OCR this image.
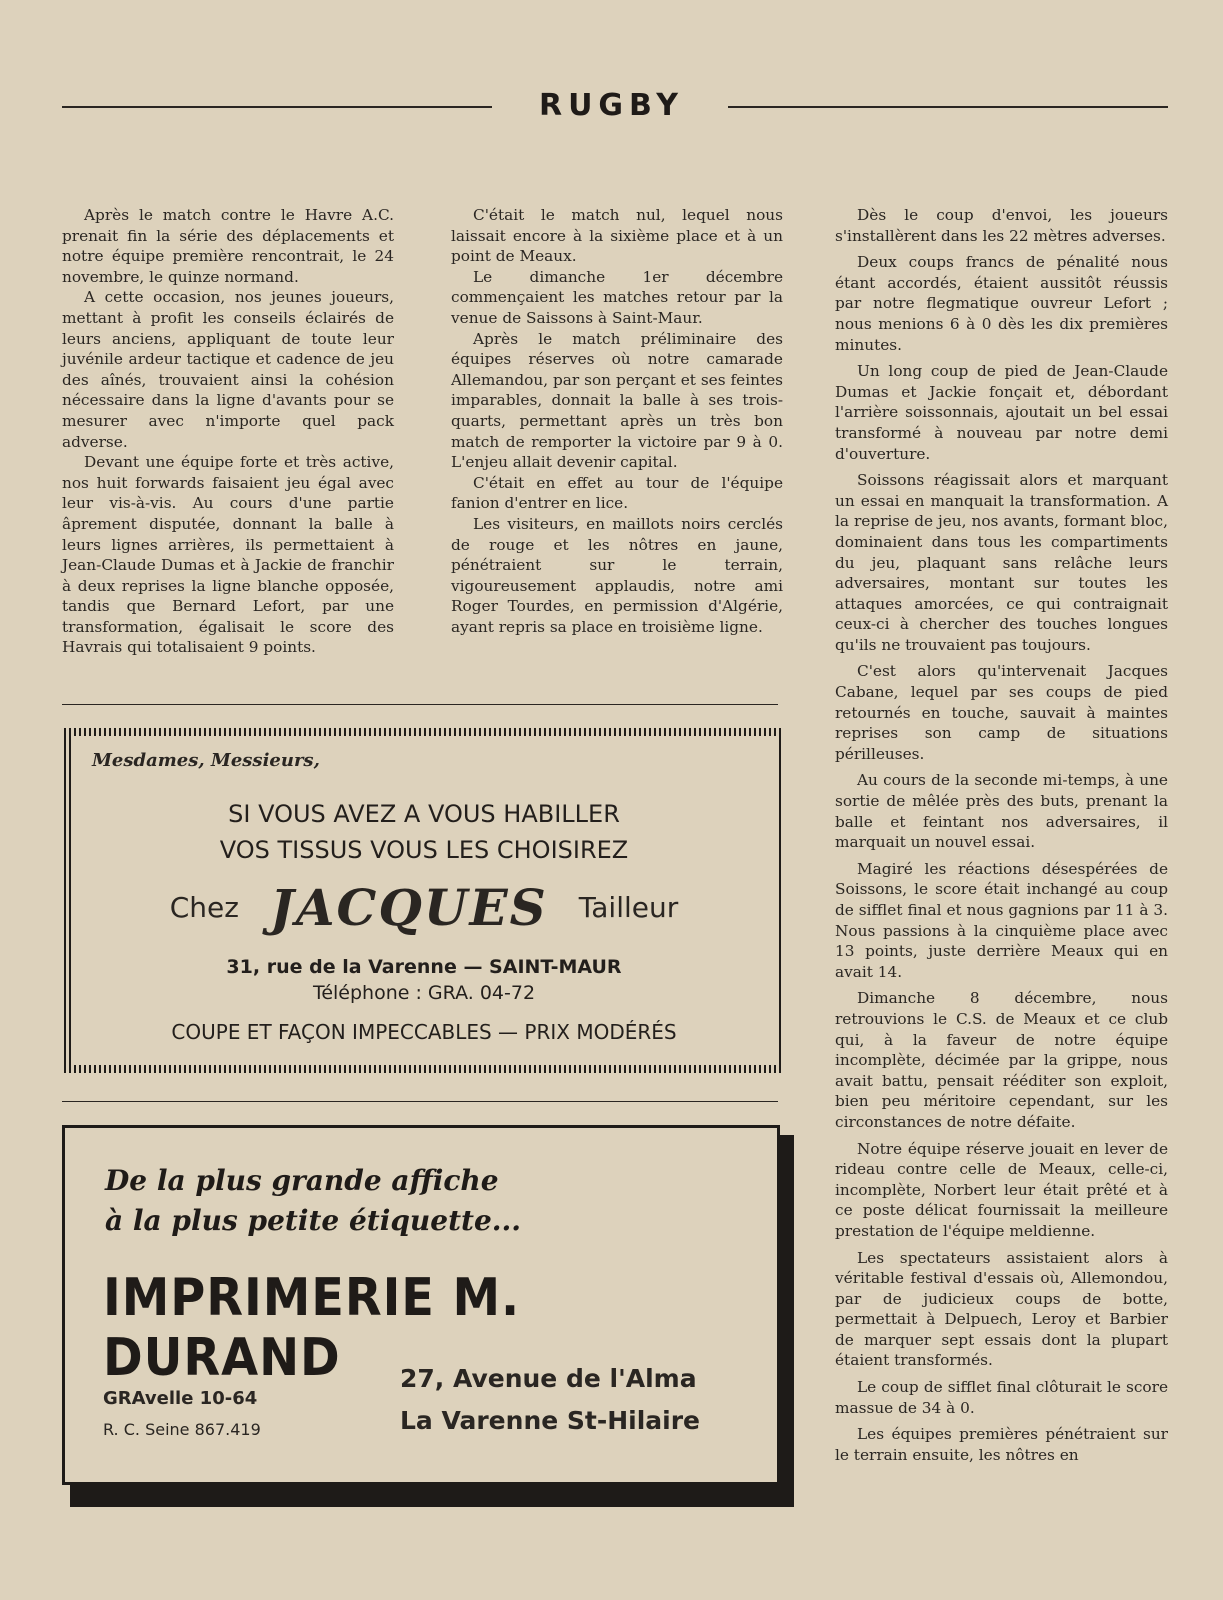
RUGBY

Après le match contre le Havre A.C. prenait fin la série des déplacements et notre équipe première rencontrait, le 24 novembre, le quinze normand.

A cette occasion, nos jeunes joueurs, mettant à profit les conseils éclairés de leurs anciens, appliquant de toute leur juvénile ardeur tactique et cadence de jeu des aînés, trouvaient ainsi la cohésion nécessaire dans la ligne d'avants pour se mesurer avec n'importe quel pack adverse.

Devant une équipe forte et très active, nos huit forwards faisaient jeu égal avec leur vis-à-vis. Au cours d'une partie âprement disputée, donnant la balle à leurs lignes arrières, ils permettaient à Jean-Claude Dumas et à Jackie de franchir à deux reprises la ligne blanche opposée, tandis que Bernard Lefort, par une transformation, égalisait le score des Havrais qui totalisaient 9 points.

C'était le match nul, lequel nous laissait encore à la sixième place et à un point de Meaux.

Le dimanche 1er décembre commençaient les matches retour par la venue de Saissons à Saint-Maur.

Après le match préliminaire des équipes réserves où notre camarade Allemandou, par son perçant et ses feintes imparables, donnait la balle à ses trois-quarts, permettant après un très bon match de remporter la victoire par 9 à 0. L'enjeu allait devenir capital.

C'était en effet au tour de l'équipe fanion d'entrer en lice.

Les visiteurs, en maillots noirs cerclés de rouge et les nôtres en jaune, pénétraient sur le terrain, vigoureusement applaudis, notre ami Roger Tourdes, en permission d'Algérie, ayant repris sa place en troisième ligne.

Dès le coup d'envoi, les joueurs s'installèrent dans les 22 mètres adverses.

Deux coups francs de pénalité nous étant accordés, étaient aussitôt réussis par notre flegmatique ouvreur Lefort ; nous menions 6 à 0 dès les dix premières minutes.

Un long coup de pied de Jean-Claude Dumas et Jackie fonçait et, débordant l'arrière soissonnais, ajoutait un bel essai transformé à nouveau par notre demi d'ouverture.

Soissons réagissait alors et marquant un essai en manquait la transformation. A la reprise de jeu, nos avants, formant bloc, dominaient dans tous les compartiments du jeu, plaquant sans relâche leurs adversaires, montant sur toutes les attaques amorcées, ce qui contraignait ceux-ci à chercher des touches longues qu'ils ne trouvaient pas toujours.

C'est alors qu'intervenait Jacques Cabane, lequel par ses coups de pied retournés en touche, sauvait à maintes reprises son camp de situations périlleuses.

Au cours de la seconde mi-temps, à une sortie de mêlée près des buts, prenant la balle et feintant nos adversaires, il marquait un nouvel essai.

Magiré les réactions désespérées de Soissons, le score était inchangé au coup de sifflet final et nous gagnions par 11 à 3. Nous passions à la cinquième place avec 13 points, juste derrière Meaux qui en avait 14.

Dimanche 8 décembre, nous retrouvions le C.S. de Meaux et ce club qui, à la faveur de notre équipe incomplète, décimée par la grippe, nous avait battu, pensait rééditer son exploit, bien peu méritoire cependant, sur les circonstances de notre défaite.

Notre équipe réserve jouait en lever de rideau contre celle de Meaux, celle-ci, incomplète, Norbert leur était prêté et à ce poste délicat fournissait la meilleure prestation de l'équipe meldienne.

Les spectateurs assistaient alors à véritable festival d'essais où, Allemondou, par de judicieux coups de botte, permettait à Delpuech, Leroy et Barbier de marquer sept essais dont la plupart étaient transformés.

Le coup de sifflet final clôturait le score massue de 34 à 0.

Les équipes premières pénétraient sur le terrain ensuite, les nôtres en

Mesdames, Messieurs,
SI VOUS AVEZ A VOUS HABILLER
VOS TISSUS VOUS LES CHOISIREZ
Chez JACQUES Tailleur
31, rue de la Varenne — SAINT-MAUR
Téléphone : GRA. 04-72
COUPE ET FAÇON IMPECCABLES — PRIX MODÉRÉS
De la plus grande affiche
à la plus petite étiquette...
IMPRIMERIE M. DURAND
GRAvelle 10-64
R. C. Seine 867.419
27, Avenue de l'Alma
La Varenne St-Hilaire
